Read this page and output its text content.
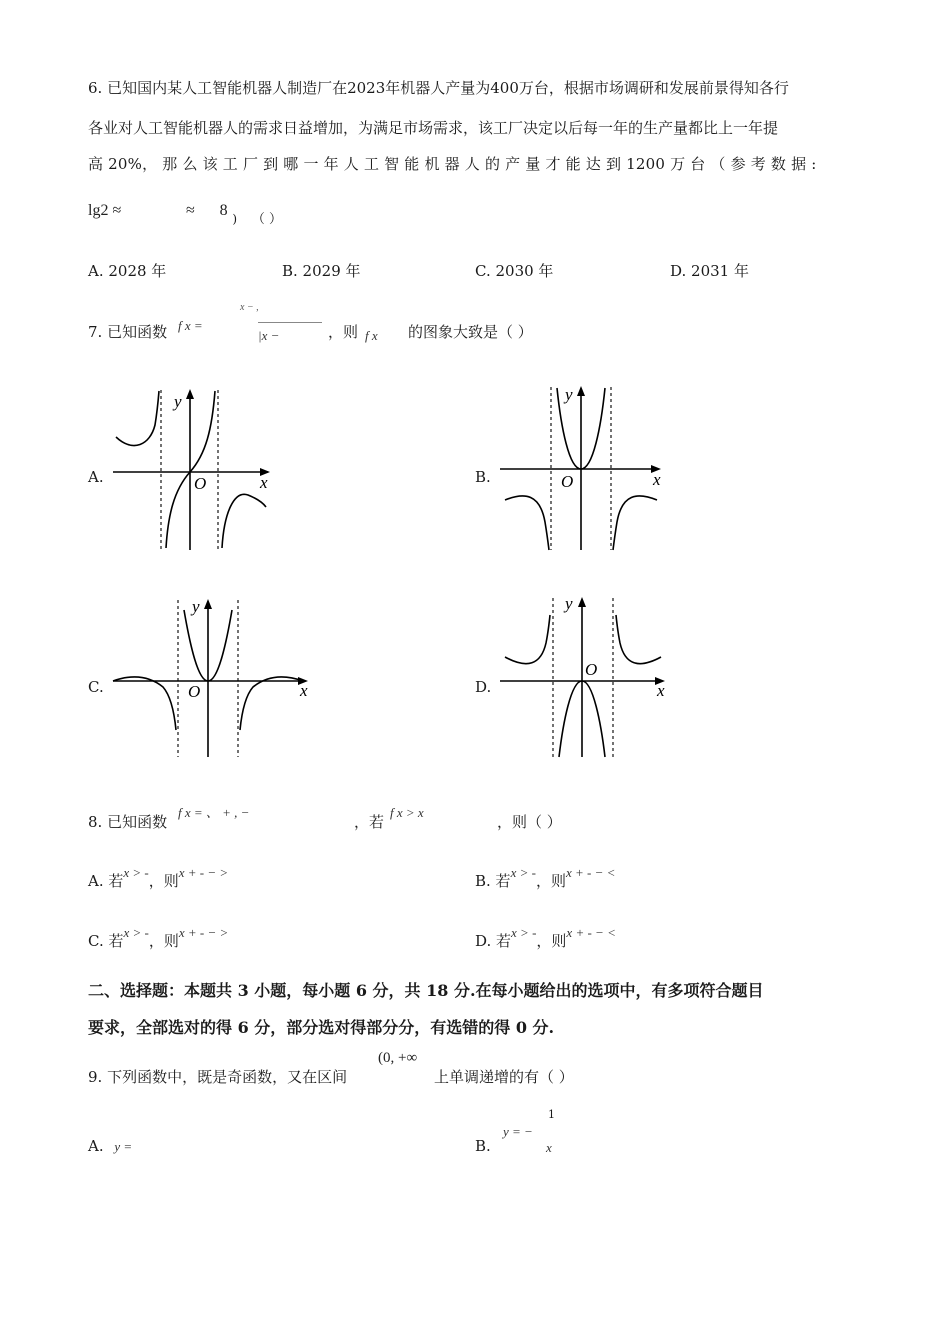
6. 已知国内某人工智能机器人制造厂在2023年机器人产量为400万台，根据市场调研和发展前景得知各行
各业对人工智能机器人的需求日益增加，为满足市场需求，该工厂决定以后每一年的生产量都比上一年提
高 20%， 那 么 该 工 厂 到 哪 一 年 人 工 智 能 机 器 人 的 产 量 才 能 达 到 1200 万 台 （ 参 考 数 据 :
lg2 ≈	≈ 8 $_)$ （ ）
A. 2028 年	B. 2029 年	C. 2030 年	D. 2031 年
7. 已知函数 f x =
x − ,
|x −	，则 f x 的图象大致是（ ）
A.
y
x
O	B.
y
x
O
C.
y
x
O	D.
y
x
O
8. 已知函数
f x = 、 + , −
，若
f x > x
，则（ ）
A. 若x > -，则x + - − >	B. 若x > -，则x + - − <
C. 若x > -，则x + - − >	D. 若x > -，则x + - − <
二、选择题：本题共 3 小题，每小题 6 分，共 18 分.在每小题给出的选项中，有多项符合题目
要求，全部选对的得 6 分，部分选对得部分分，有选错的得 0 分.
9. 下列函数中，既是奇函数，又在区间
(0, +∞
上单调递增的有（ ）
A. y =	B.
y = −
1
x
